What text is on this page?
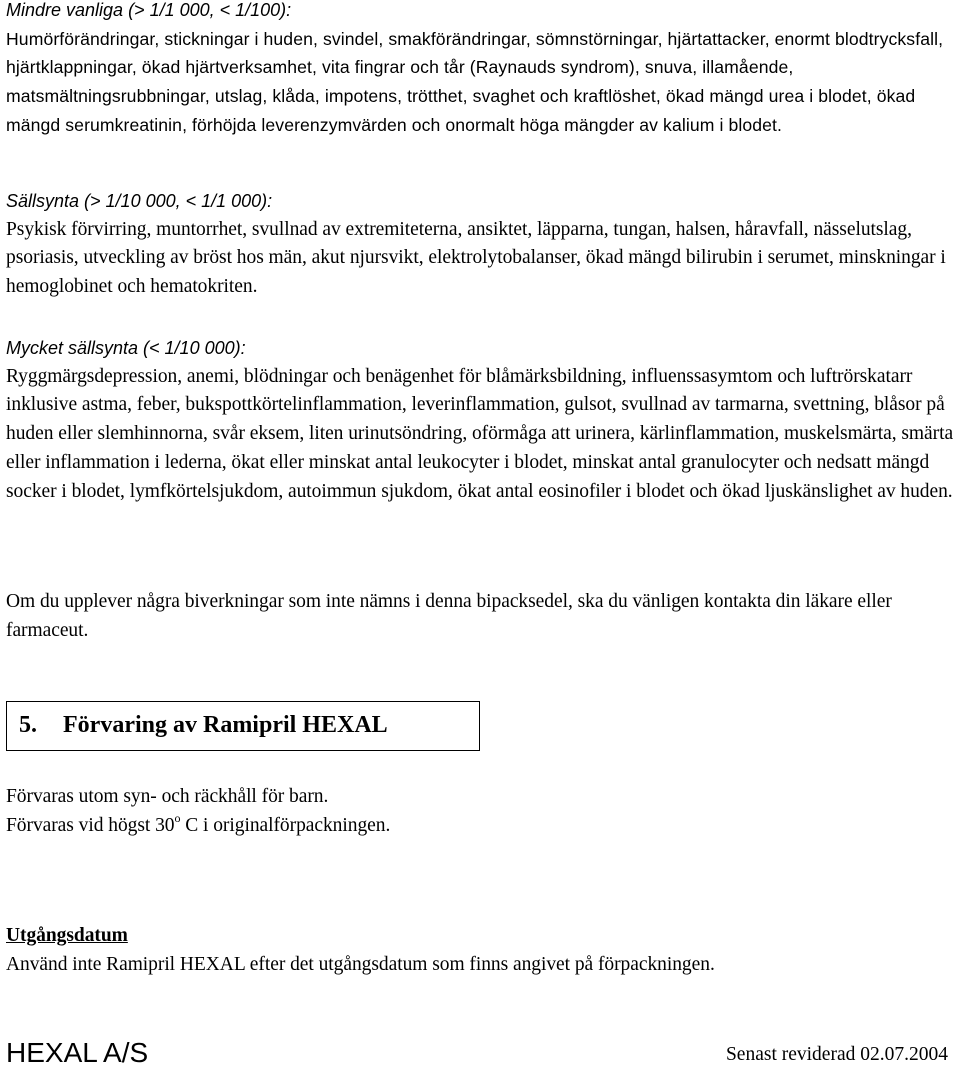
Mindre vanliga (> 1/1 000, < 1/100):

Humörförändringar, stickningar i huden, svindel, smakförändringar, sömnstörningar, hjärtattacker, enormt blodtrycksfall, hjärtklappningar, ökad hjärtverksamhet, vita fingrar och tår (Raynauds syndrom), snuva, illamående, matsmältningsrubbningar, utslag, klåda, impotens, trötthet, svaghet och kraftlöshet, ökad mängd urea i blodet, ökad mängd serumkreatinin, förhöjda leverenzymvärden och onormalt höga mängder av kalium i blodet.

Sällsynta (> 1/10 000, < 1/1 000):

Psykisk förvirring, muntorrhet, svullnad av extremiteterna, ansiktet, läpparna, tungan, halsen, håravfall, nässelutslag, psoriasis, utveckling av bröst hos män, akut njursvikt, elektrolytobalanser, ökad mängd bilirubin i serumet, minskningar i hemoglobinet och hematokriten.

Mycket sällsynta (< 1/10 000):

Ryggmärgsdepression, anemi, blödningar och benägenhet för blåmärksbildning, influenssasymtom och luftrörskatarr inklusive astma, feber, bukspottkörtelinflammation, leverinflammation, gulsot, svullnad av tarmarna, svettning, blåsor på huden eller slemhinnorna, svår eksem, liten urinutsöndring, oförmåga att urinera, kärlinflammation, muskelsmärta, smärta eller inflammation i lederna, ökat eller minskat antal leukocyter i blodet, minskat antal granulocyter och nedsatt mängd socker i blodet, lymfkörtelsjukdom, autoimmun sjukdom, ökat antal eosinofiler i blodet och ökad ljuskänslighet av huden.

Om du upplever några biverkningar som inte nämns i denna bipacksedel, ska du vänligen kontakta din läkare eller farmaceut.

5. Förvaring av Ramipril HEXAL

Förvaras utom syn- och räckhåll för barn.

Förvaras vid högst 30$^o$ C i originalförpackningen.

Utgångsdatum

Använd inte Ramipril HEXAL efter det utgångsdatum som finns angivet på förpackningen.

HEXAL A/S	Senast reviderad 02.07.2004
